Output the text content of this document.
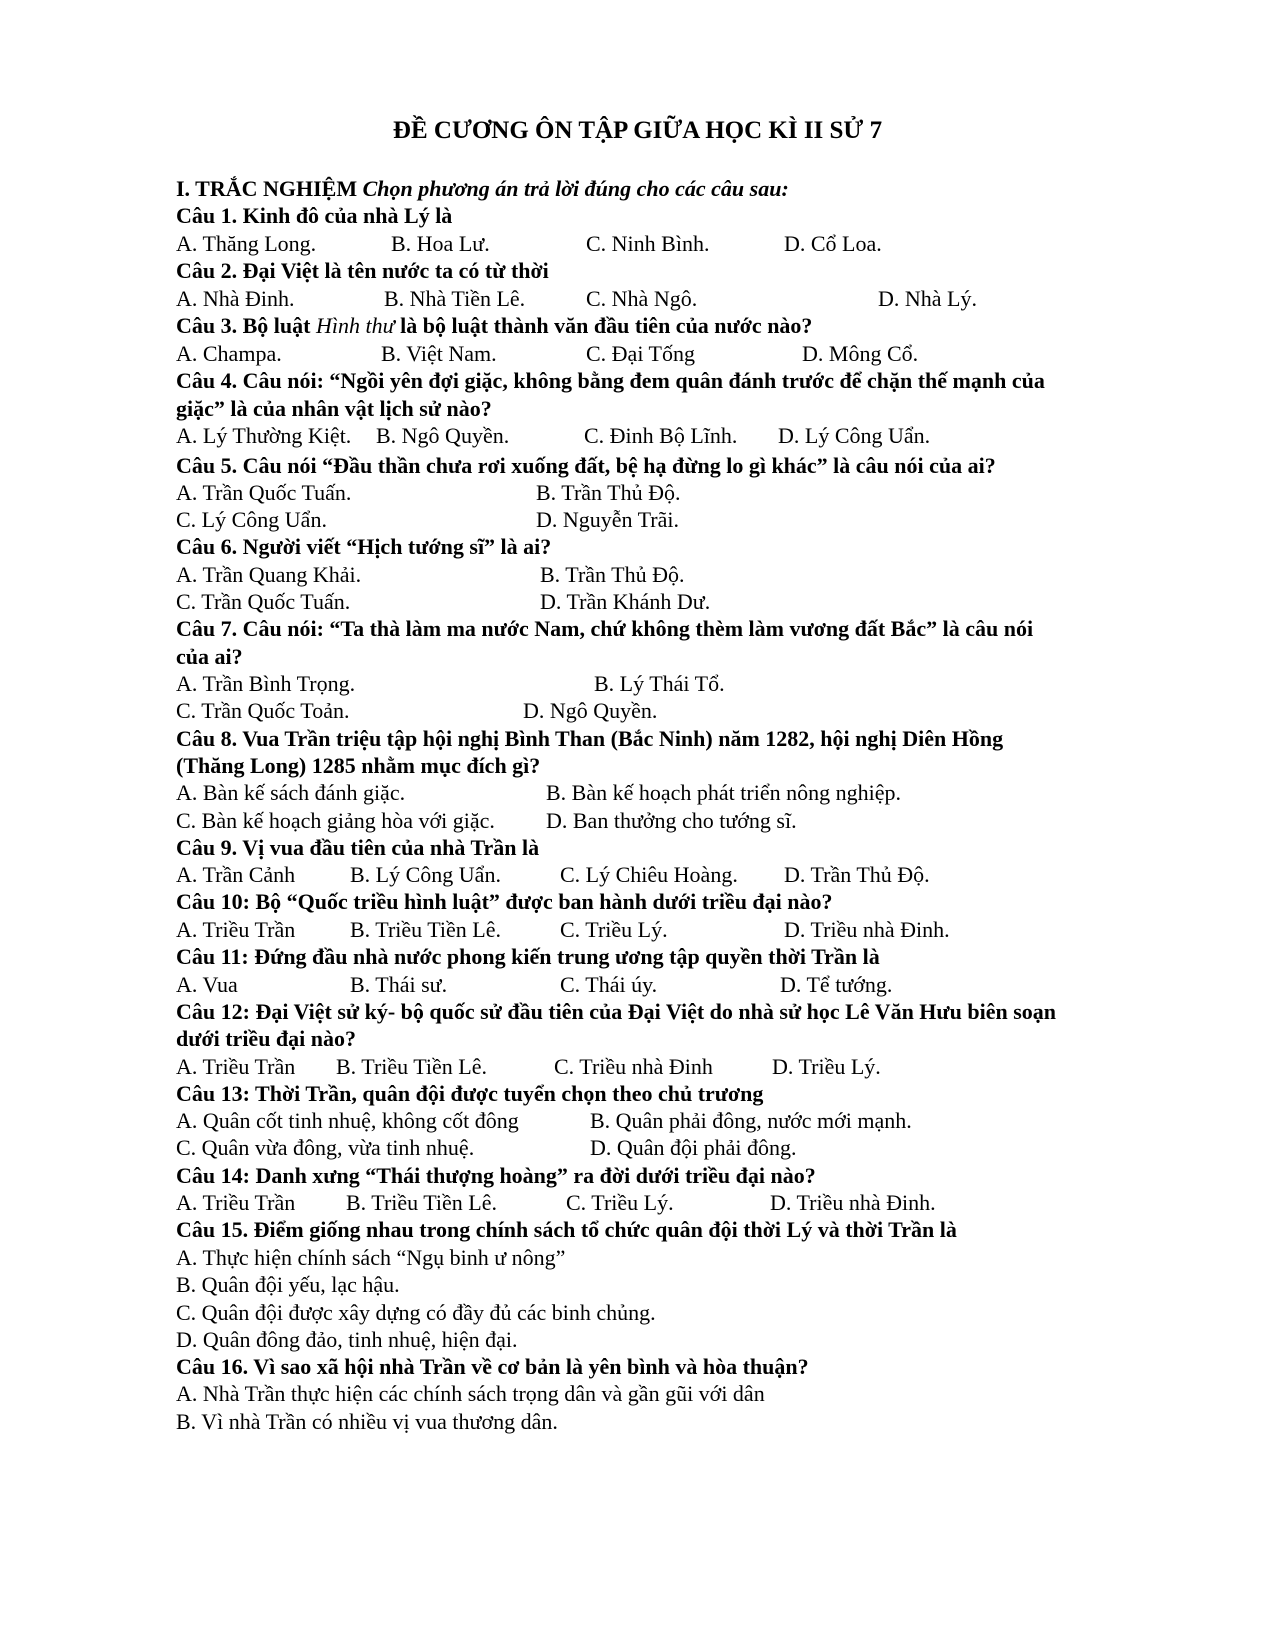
ĐỀ CƯƠNG ÔN TẬP GIỮA HỌC KÌ II SỬ 7
I. TRẮC NGHIỆM Chọn phương án trả lời đúng cho các câu sau:
Câu 1. Kinh đô của nhà Lý là
A. Thăng Long.	B. Hoa Lư.	C. Ninh Bình.	D. Cổ Loa.
Câu 2. Đại Việt là tên nước ta có từ thời
A. Nhà Đinh.	B. Nhà Tiền Lê.	C. Nhà Ngô.	D. Nhà Lý.
Câu 3. Bộ luật Hình thư là bộ luật thành văn đầu tiên của nước nào?
A. Champa.	B. Việt Nam.	C. Đại Tống	D. Mông Cổ.
Câu 4. Câu nói: “Ngồi yên đợi giặc, không bằng đem quân đánh trước để chặn thế mạnh của
giặc” là của nhân vật lịch sử nào?
A. Lý Thường Kiệt. B. Ngô Quyền.	C. Đinh Bộ Lĩnh. D. Lý Công Uẩn.
Câu 5. Câu nói “Đầu thần chưa rơi xuống đất, bệ hạ đừng lo gì khác” là câu nói của ai?
A. Trần Quốc Tuấn.	B. Trần Thủ Độ.
C. Lý Công Uẩn.	D. Nguyễn Trãi.
Câu 6. Người viết “Hịch tướng sĩ” là ai?
A. Trần Quang Khải.	B. Trần Thủ Độ.
C. Trần Quốc Tuấn.	D. Trần Khánh Dư.
Câu 7. Câu nói: “Ta thà làm ma nước Nam, chứ không thèm làm vương đất Bắc” là câu nói
của ai?
A. Trần Bình Trọng.	B. Lý Thái Tổ.
C. Trần Quốc Toản.	D. Ngô Quyền.
Câu 8. Vua Trần triệu tập hội nghị Bình Than (Bắc Ninh) năm 1282, hội nghị Diên Hồng
(Thăng Long) 1285 nhằm mục đích gì?
A. Bàn kế sách đánh giặc.	B. Bàn kế hoạch phát triển nông nghiệp.
C. Bàn kế hoạch giảng hòa với giặc. D. Ban thưởng cho tướng sĩ.
Câu 9. Vị vua đầu tiên của nhà Trần là
A. Trần Cảnh B. Lý Công Uẩn.	C. Lý Chiêu Hoàng. D. Trần Thủ Độ.
Câu 10: Bộ “Quốc triều hình luật” được ban hành dưới triều đại nào?
A. Triều Trần B. Triều Tiền Lê.	C. Triều Lý.	D. Triều nhà Đinh.
Câu 11: Đứng đầu nhà nước phong kiến trung ương tập quyền thời Trần là
A. Vua	B. Thái sư.	C. Thái úy.	D. Tể tướng.
Câu 12: Đại Việt sử ký- bộ quốc sử đầu tiên của Đại Việt do nhà sử học Lê Văn Hưu biên soạn
dưới triều đại nào?
A. Triều Trần B. Triều Tiền Lê.	C. Triều nhà Đinh	D. Triều Lý.
Câu 13: Thời Trần, quân đội được tuyển chọn theo chủ trương
A. Quân cốt tinh nhuệ, không cốt đông	B. Quân phải đông, nước mới mạnh.
C. Quân vừa đông, vừa tinh nhuệ.	D. Quân đội phải đông.
Câu 14: Danh xưng “Thái thượng hoàng” ra đời dưới triều đại nào?
A. Triều Trần B. Triều Tiền Lê.	C. Triều Lý.	D. Triều nhà Đinh.
Câu 15. Điểm giống nhau trong chính sách tổ chức quân đội thời Lý và thời Trần là
A. Thực hiện chính sách “Ngụ binh ư nông”
B. Quân đội yếu, lạc hậu.
C. Quân đội được xây dựng có đầy đủ các binh chủng.
D. Quân đông đảo, tinh nhuệ, hiện đại.
Câu 16. Vì sao xã hội nhà Trần về cơ bản là yên bình và hòa thuận?
A. Nhà Trần thực hiện các chính sách trọng dân và gần gũi với dân
B. Vì nhà Trần có nhiều vị vua thương dân.
